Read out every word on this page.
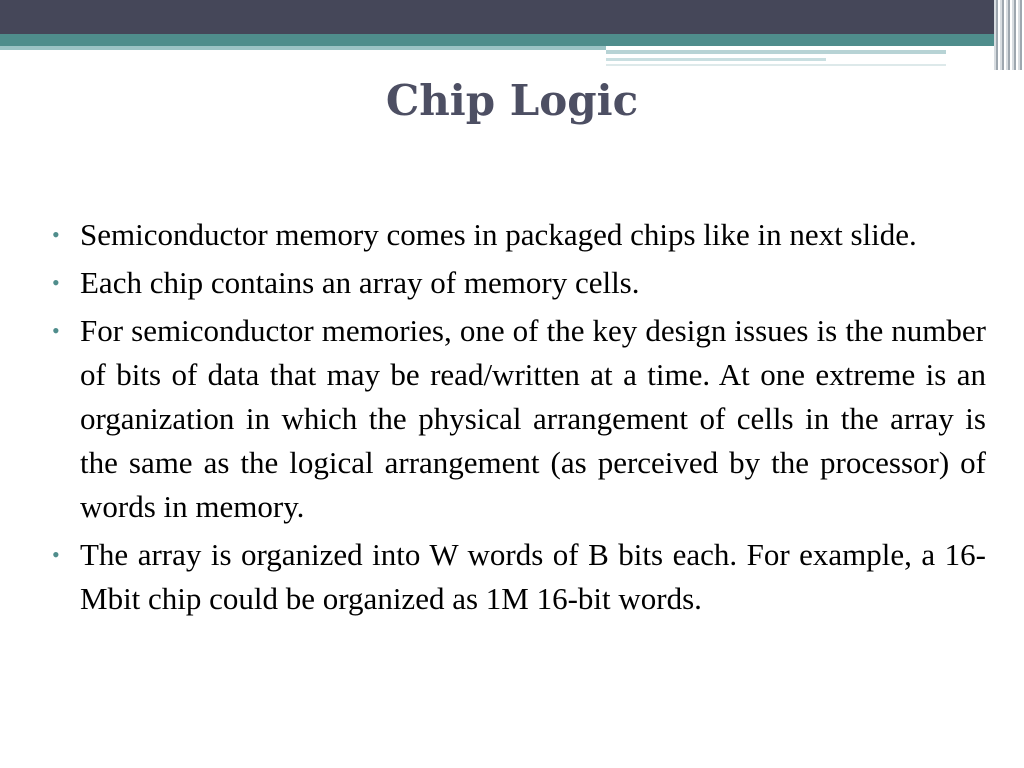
Chip Logic
• Semiconductor memory comes in packaged chips like in next slide.
• Each chip contains an array of memory cells.
• For semiconductor memories, one of the key design issues is the number of bits of data that may be read/written at a time. At one extreme is an organization in which the physical arrangement of cells in the array is the same as the logical arrangement (as perceived by the processor) of words in memory.
• The array is organized into W words of B bits each. For example, a 16-Mbit chip could be organized as 1M 16-bit words.
